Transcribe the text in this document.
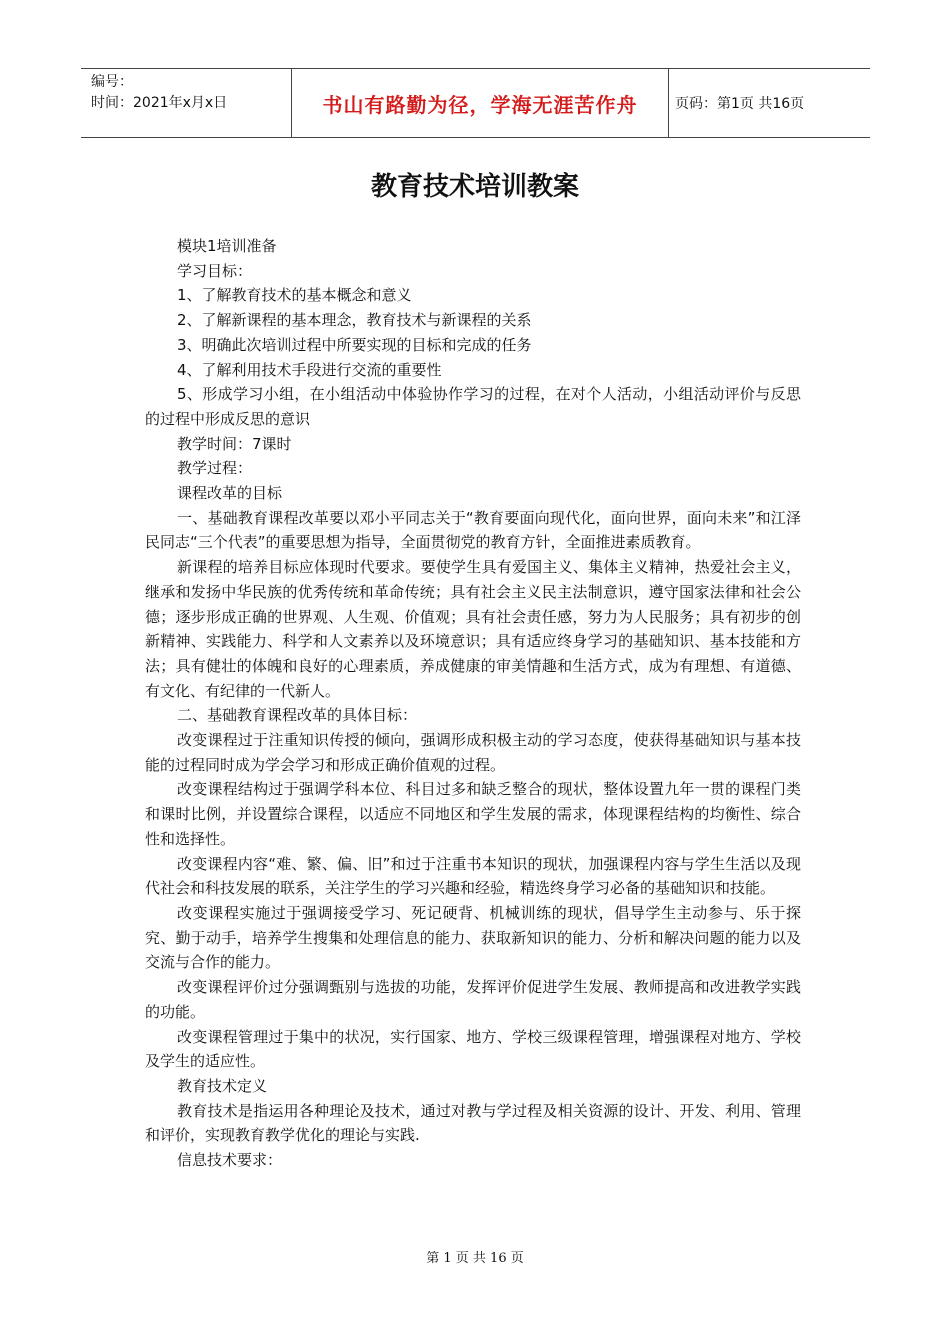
编号：
时间：2021年x月x日	书山有路勤为径，学海无涯苦作舟	页码：第1页 共16页
教育技术培训教案

模块1培训准备

学习目标：

1、了解教育技术的基本概念和意义

2、了解新课程的基本理念，教育技术与新课程的关系

3、明确此次培训过程中所要实现的目标和完成的任务

4、了解利用技术手段进行交流的重要性

5、形成学习小组，在小组活动中体验协作学习的过程，在对个人活动，小组活动评价与反思的过程中形成反思的意识

教学时间：7课时

教学过程：

课程改革的目标

一、基础教育课程改革要以邓小平同志关于“教育要面向现代化，面向世界，面向未来”和江泽民同志“三个代表”的重要思想为指导，全面贯彻党的教育方针，全面推进素质教育。

新课程的培养目标应体现时代要求。要使学生具有爱国主义、集体主义精神，热爱社会主义，继承和发扬中华民族的优秀传统和革命传统；具有社会主义民主法制意识，遵守国家法律和社会公德；逐步形成正确的世界观、人生观、价值观；具有社会责任感，努力为人民服务；具有初步的创新精神、实践能力、科学和人文素养以及环境意识；具有适应终身学习的基础知识、基本技能和方法；具有健壮的体魄和良好的心理素质，养成健康的审美情趣和生活方式，成为有理想、有道德、有文化、有纪律的一代新人。

二、基础教育课程改革的具体目标：

改变课程过于注重知识传授的倾向，强调形成积极主动的学习态度，使获得基础知识与基本技能的过程同时成为学会学习和形成正确价值观的过程。

改变课程结构过于强调学科本位、科目过多和缺乏整合的现状，整体设置九年一贯的课程门类和课时比例，并设置综合课程，以适应不同地区和学生发展的需求，体现课程结构的均衡性、综合性和选择性。

改变课程内容“难、繁、偏、旧”和过于注重书本知识的现状，加强课程内容与学生生活以及现代社会和科技发展的联系，关注学生的学习兴趣和经验，精选终身学习必备的基础知识和技能。

改变课程实施过于强调接受学习、死记硬背、机械训练的现状，倡导学生主动参与、乐于探究、勤于动手，培养学生搜集和处理信息的能力、获取新知识的能力、分析和解决问题的能力以及交流与合作的能力。

改变课程评价过分强调甄别与选拔的功能，发挥评价促进学生发展、教师提高和改进教学实践的功能。

改变课程管理过于集中的状况，实行国家、地方、学校三级课程管理，增强课程对地方、学校及学生的适应性。

教育技术定义

教育技术是指运用各种理论及技术，通过对教与学过程及相关资源的设计、开发、利用、管理和评价，实现教育教学优化的理论与实践.

信息技术要求：

第 1 页 共 16 页
